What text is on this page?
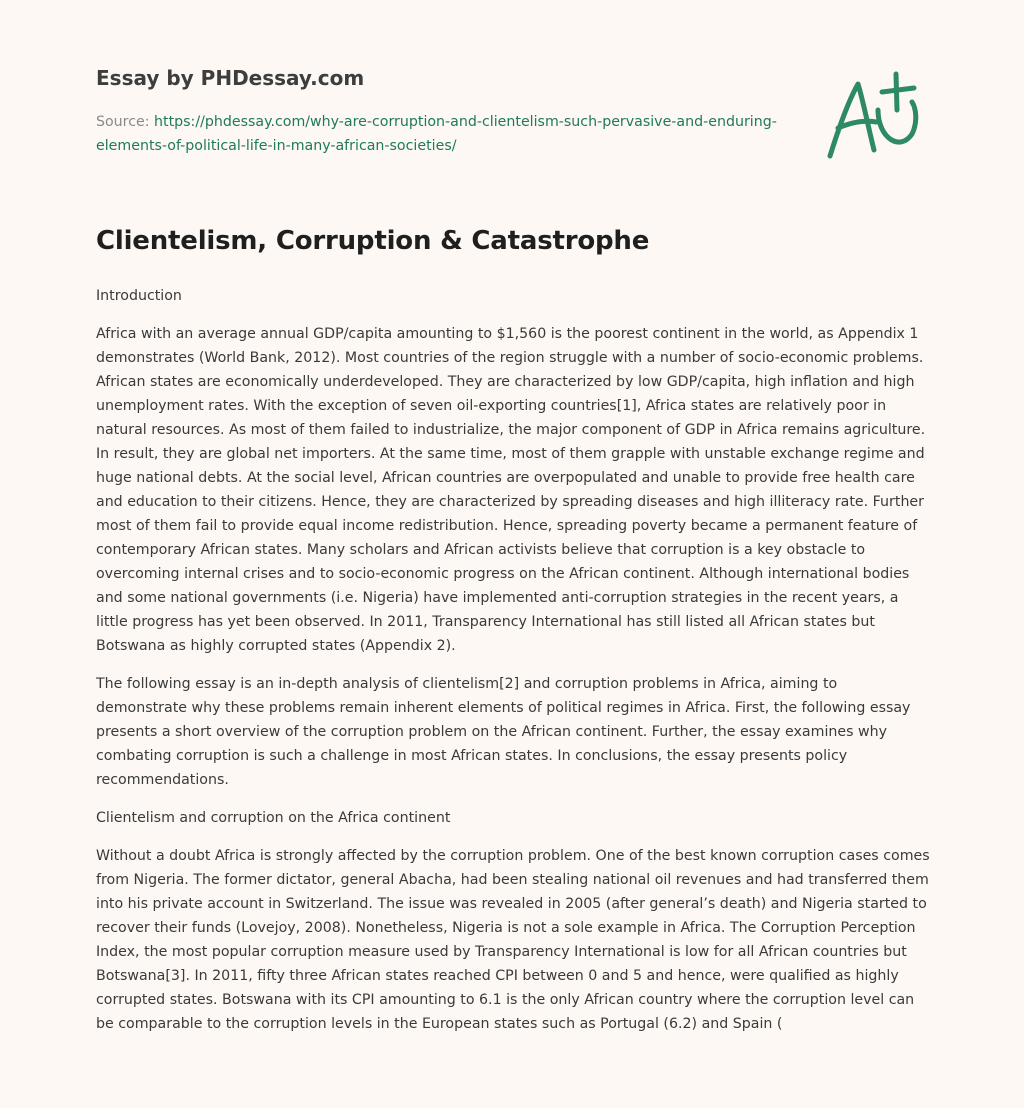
Essay by PHDessay.com
Source: https://phdessay.com/why-are-corruption-and-clientelism-such-pervasive-and-enduring-elements-of-political-life-in-many-african-societies/
Clientelism, Corruption & Catastrophe

Introduction

Africa with an average annual GDP/capita amounting to $1,560 is the poorest continent in the world, as Appendix 1 demonstrates (World Bank, 2012). Most countries of the region struggle with a number of socio-economic problems. African states are economically underdeveloped. They are characterized by low GDP/capita, high inflation and high unemployment rates. With the exception of seven oil-exporting countries[1], Africa states are relatively poor in natural resources. As most of them failed to industrialize, the major component of GDP in Africa remains agriculture. In result, they are global net importers. At the same time, most of them grapple with unstable exchange regime and huge national debts. At the social level, African countries are overpopulated and unable to provide free health care and education to their citizens. Hence, they are characterized by spreading diseases and high illiteracy rate. Further most of them fail to provide equal income redistribution. Hence, spreading poverty became a permanent feature of contemporary African states. Many scholars and African activists believe that corruption is a key obstacle to overcoming internal crises and to socio-economic progress on the African continent. Although international bodies and some national governments (i.e. Nigeria) have implemented anti-corruption strategies in the recent years, a little progress has yet been observed. In 2011, Transparency International has still listed all African states but Botswana as highly corrupted states (Appendix 2).

The following essay is an in-depth analysis of clientelism[2] and corruption problems in Africa, aiming to demonstrate why these problems remain inherent elements of political regimes in Africa. First, the following essay presents a short overview of the corruption problem on the African continent. Further, the essay examines why combating corruption is such a challenge in most African states. In conclusions, the essay presents policy recommendations.

Clientelism and corruption on the Africa continent

Without a doubt Africa is strongly affected by the corruption problem. One of the best known corruption cases comes from Nigeria. The former dictator, general Abacha, had been stealing national oil revenues and had transferred them into his private account in Switzerland. The issue was revealed in 2005 (after general’s death) and Nigeria started to recover their funds (Lovejoy, 2008). Nonetheless, Nigeria is not a sole example in Africa. The Corruption Perception Index, the most popular corruption measure used by Transparency International is low for all African countries but Botswana[3]. In 2011, fifty three African states reached CPI between 0 and 5 and hence, were qualified as highly corrupted states. Botswana with its CPI amounting to 6.1 is the only African country where the corruption level can be comparable to the corruption levels in the European states such as Portugal (6.2) and Spain (
